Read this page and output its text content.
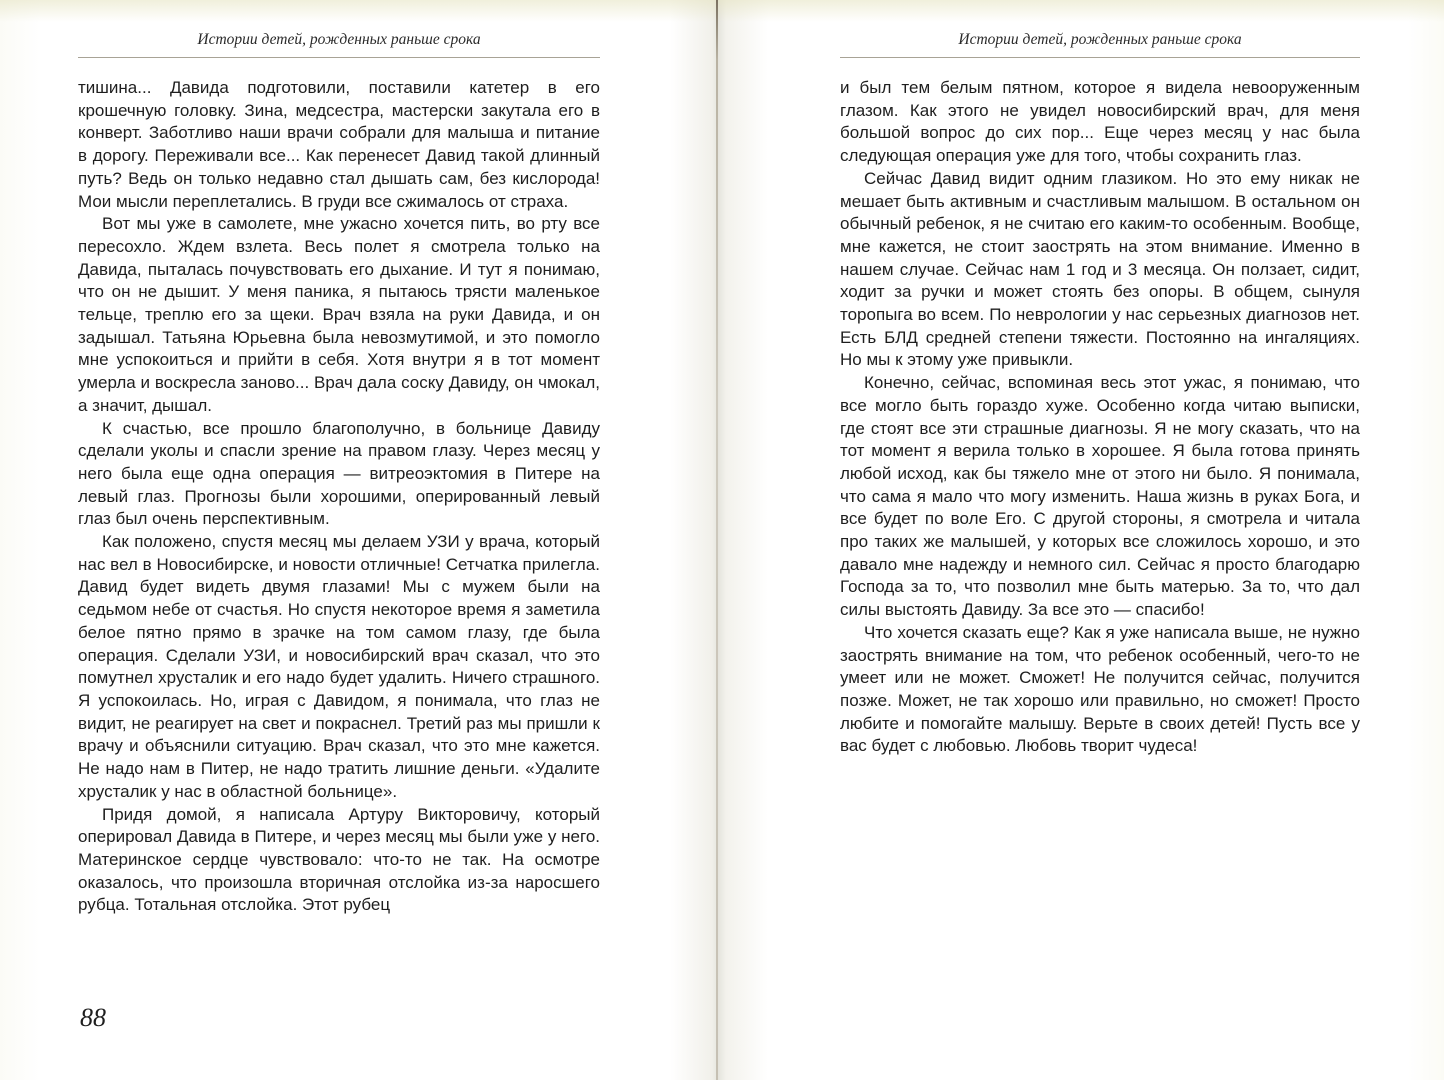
Истории детей, рожденных раньше срока

тишина... Давида подготовили, поставили катетер в его крошечную головку. Зина, медсестра, мастерски закутала его в конверт. Заботливо наши врачи собрали для малыша и питание в дорогу. Переживали все... Как перенесет Давид такой длинный путь? Ведь он только недавно стал дышать сам, без кислорода! Мои мысли переплетались. В груди все сжималось от страха.

Вот мы уже в самолете, мне ужасно хочется пить, во рту все пересохло. Ждем взлета. Весь полет я смотрела только на Давида, пыталась почувствовать его дыхание. И тут я понимаю, что он не дышит. У меня паника, я пытаюсь трясти маленькое тельце, треплю его за щеки. Врач взяла на руки Давида, и он задышал. Татьяна Юрьевна была невозмутимой, и это помогло мне успокоиться и прийти в себя. Хотя внутри я в тот момент умерла и воскресла заново... Врач дала соску Давиду, он чмокал, а значит, дышал.

К счастью, все прошло благополучно, в больнице Давиду сделали уколы и спасли зрение на правом глазу. Через месяц у него была еще одна операция — витреоэктомия в Питере на левый глаз. Прогнозы были хорошими, оперированный левый глаз был очень перспективным.

Как положено, спустя месяц мы делаем УЗИ у врача, который нас вел в Новосибирске, и новости отличные! Сетчатка прилегла. Давид будет видеть двумя глазами! Мы с мужем были на седьмом небе от счастья. Но спустя некоторое время я заметила белое пятно прямо в зрачке на том самом глазу, где была операция. Сделали УЗИ, и новосибирский врач сказал, что это помутнел хрусталик и его надо будет удалить. Ничего страшного. Я успокоилась. Но, играя с Давидом, я понимала, что глаз не видит, не реагирует на свет и покраснел. Третий раз мы пришли к врачу и объяснили ситуацию. Врач сказал, что это мне кажется. Не надо нам в Питер, не надо тратить лишние деньги. «Удалите хрусталик у нас в областной больнице».

Придя домой, я написала Артуру Викторовичу, который оперировал Давида в Питере, и через месяц мы были уже у него. Материнское сердце чувствовало: что-то не так. На осмотре оказалось, что произошла вторичная отслойка из-за наросшего рубца. Тотальная отслойка. Этот рубец

88
Истории детей, рожденных раньше срока

и был тем белым пятном, которое я видела невооруженным глазом. Как этого не увидел новосибирский врач, для меня большой вопрос до сих пор... Еще через месяц у нас была следующая операция уже для того, чтобы сохранить глаз.

Сейчас Давид видит одним глазиком. Но это ему никак не мешает быть активным и счастливым малышом. В остальном он обычный ребенок, я не считаю его каким-то особенным. Вообще, мне кажется, не стоит заострять на этом внимание. Именно в нашем случае. Сейчас нам 1 год и 3 месяца. Он ползает, сидит, ходит за ручки и может стоять без опоры. В общем, сынуля торопыга во всем. По неврологии у нас серьезных диагнозов нет. Есть БЛД средней степени тяжести. Постоянно на ингаляциях. Но мы к этому уже привыкли.

Конечно, сейчас, вспоминая весь этот ужас, я понимаю, что все могло быть гораздо хуже. Особенно когда читаю выписки, где стоят все эти страшные диагнозы. Я не могу сказать, что на тот момент я верила только в хорошее. Я была готова принять любой исход, как бы тяжело мне от этого ни было. Я понимала, что сама я мало что могу изменить. Наша жизнь в руках Бога, и все будет по воле Его. С другой стороны, я смотрела и читала про таких же малышей, у которых все сложилось хорошо, и это давало мне надежду и немного сил. Сейчас я просто благодарю Господа за то, что позволил мне быть матерью. За то, что дал силы выстоять Давиду. За все это — спасибо!

Что хочется сказать еще? Как я уже написала выше, не нужно заострять внимание на том, что ребенок особенный, чего-то не умеет или не может. Сможет! Не получится сейчас, получится позже. Может, не так хорошо или правильно, но сможет! Просто любите и помогайте малышу. Верьте в своих детей! Пусть все у вас будет с любовью. Любовь творит чудеса!
